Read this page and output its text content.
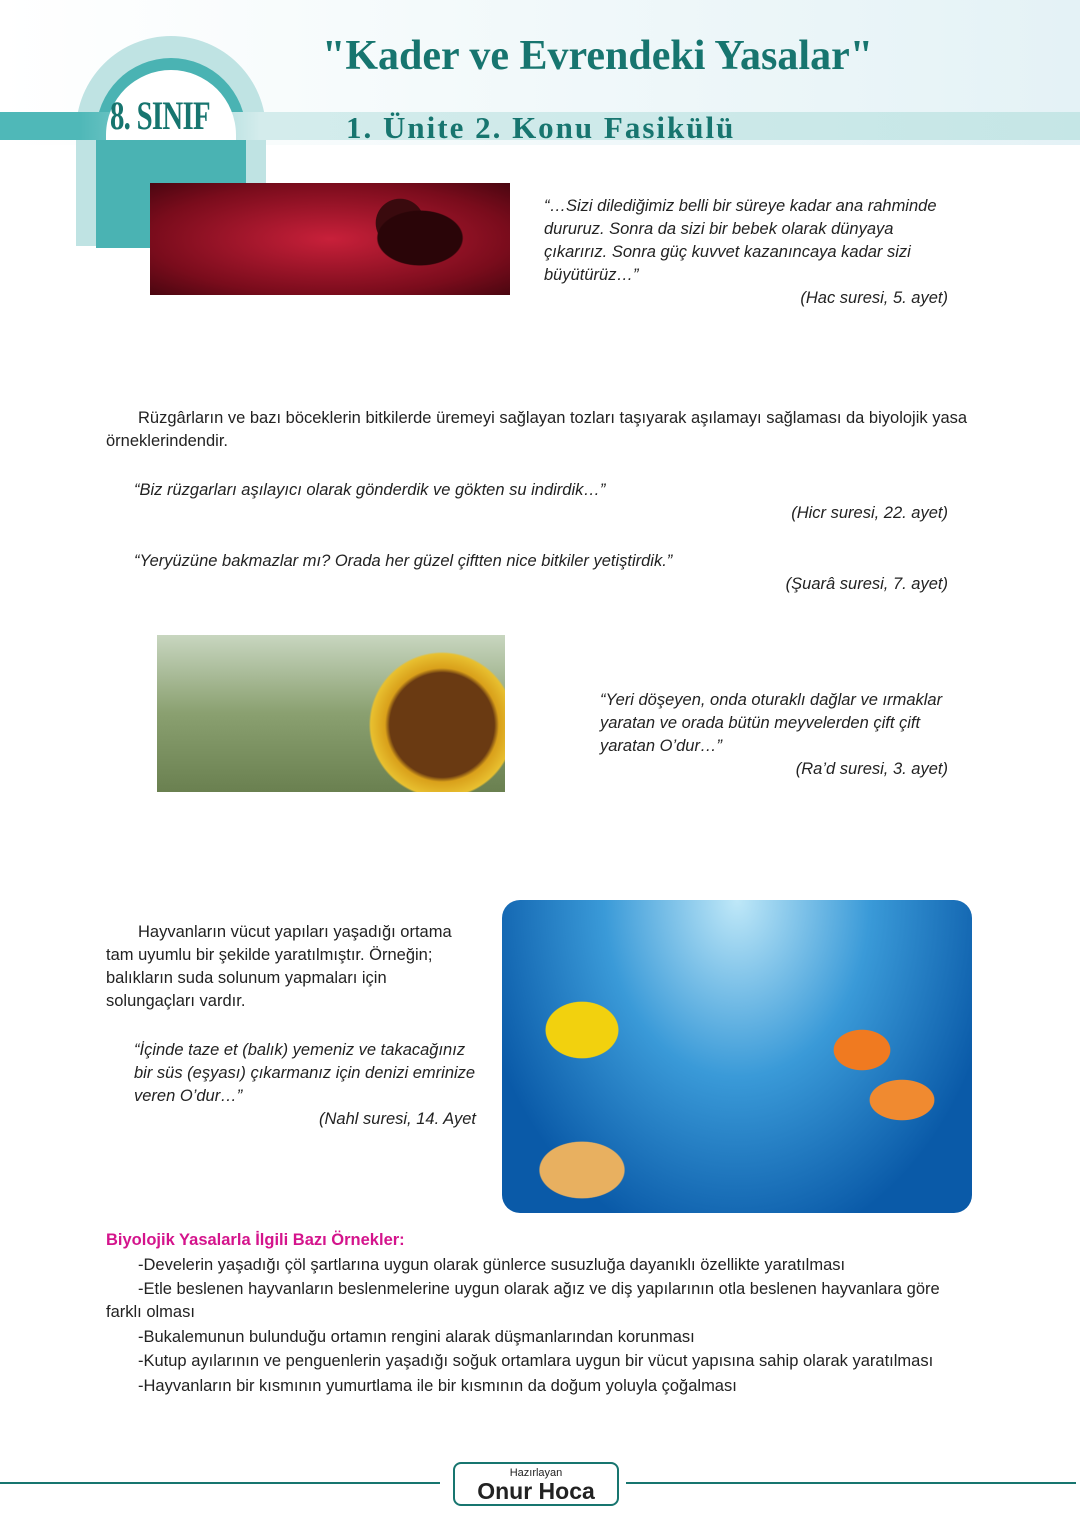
8. SINIF
"Kader ve Evrendeki Yasalar"
1. Ünite 2. Konu Fasikülü
“…Sizi dilediğimiz belli bir süreye kadar ana rahminde dururuz. Sonra da sizi bir bebek olarak dünyaya çıkarırız. Sonra güç kuvvet kazanıncaya kadar sizi büyütürüz…”
(Hac suresi, 5. ayet)
Rüzgârların ve bazı böceklerin bitkilerde üremeyi sağlayan tozları taşıyarak aşılamayı sağlaması da biyolojik yasa örneklerindendir.
“Biz rüzgarları aşılayıcı olarak gönderdik ve gökten su indirdik…”
(Hicr suresi, 22. ayet)
“Yeryüzüne bakmazlar mı? Orada her güzel çiftten nice bitkiler yetiştirdik.”
(Şuarâ suresi, 7. ayet)
“Yeri döşeyen, onda oturaklı dağlar ve ırmaklar yaratan ve orada bütün meyvelerden çift çift yaratan O’dur…”
(Ra’d suresi, 3. ayet)
Hayvanların vücut yapıları yaşadığı ortama tam uyumlu bir şekilde yaratılmıştır. Örneğin; balıkların suda solunum yapmaları için solungaçları vardır.
“İçinde taze et (balık) yemeniz ve takacağınız bir süs (eşyası) çıkarmanız için denizi emrinize veren O’dur…”
(Nahl suresi, 14. Ayet
Biyolojik Yasalarla İlgili Bazı Örnekler:
-Develerin yaşadığı çöl şartlarına uygun olarak günlerce susuzluğa dayanıklı özellikte yaratılması
-Etle beslenen hayvanların beslenmelerine uygun olarak ağız ve diş yapılarının otla beslenen hayvanlara göre farklı olması
-Bukalemunun bulunduğu ortamın rengini alarak düşmanlarından korunması
-Kutup ayılarının ve penguenlerin yaşadığı soğuk ortamlara uygun bir vücut yapısına sahip olarak yaratılması
-Hayvanların bir kısmının yumurtlama ile bir kısmının da doğum yoluyla çoğalması
Hazırlayan
Onur Hoca
